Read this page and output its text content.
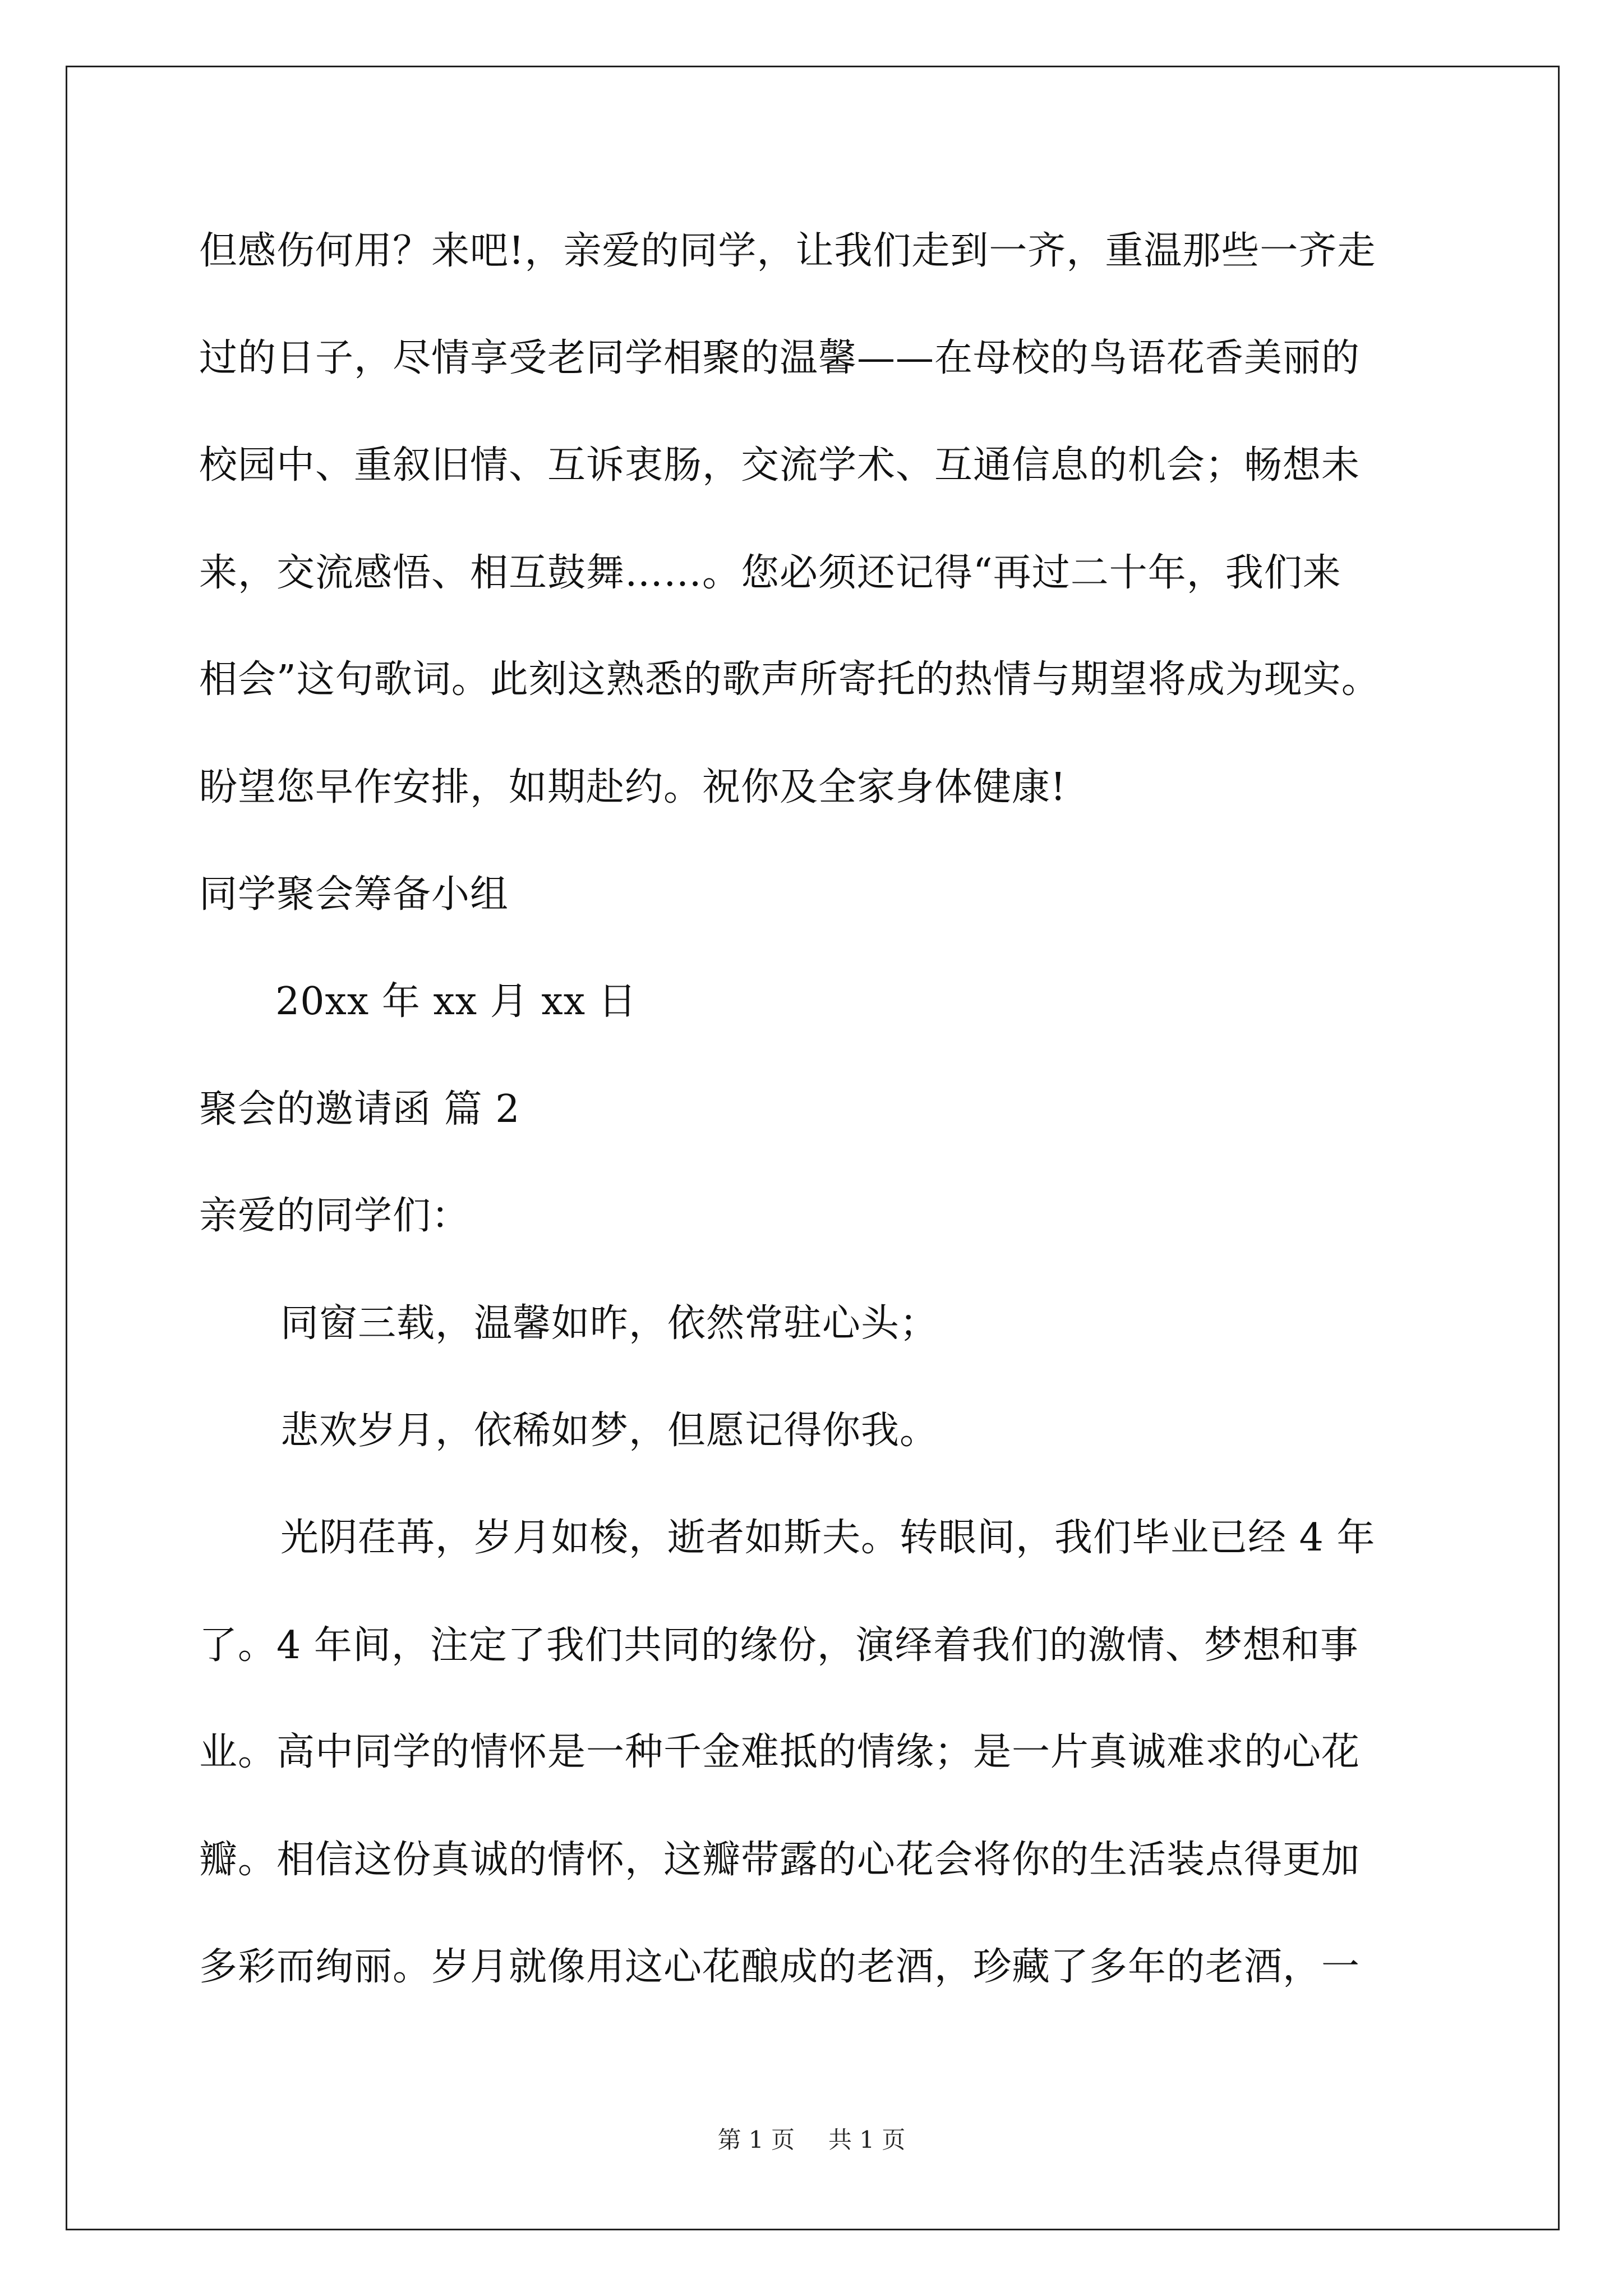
但感伤何用？来吧!，亲爱的同学，让我们走到一齐，重温那些一齐走
过的日子，尽情享受老同学相聚的温馨——在母校的鸟语花香美丽的
校园中、重叙旧情、互诉衷肠，交流学术、互通信息的机会；畅想未
来，交流感悟、相互鼓舞……。您必须还记得“再过二十年，我们来
相会”这句歌词。此刻这熟悉的歌声所寄托的热情与期望将成为现实。
盼望您早作安排，如期赴约。祝你及全家身体健康!
同学聚会筹备小组
20xx 年 xx 月 xx 日
聚会的邀请函 篇 2
亲爱的同学们：
同窗三载，温馨如昨，依然常驻心头；
悲欢岁月，依稀如梦，但愿记得你我。
光阴荏苒，岁月如梭，逝者如斯夫。转眼间，我们毕业已经 4 年
了。4 年间，注定了我们共同的缘份，演绎着我们的激情、梦想和事
业。高中同学的情怀是一种千金难抵的情缘；是一片真诚难求的心花
瓣。相信这份真诚的情怀，这瓣带露的心花会将你的生活装点得更加
多彩而绚丽。岁月就像用这心花酿成的老酒，珍藏了多年的老酒，一
第 1 页 共 1 页
